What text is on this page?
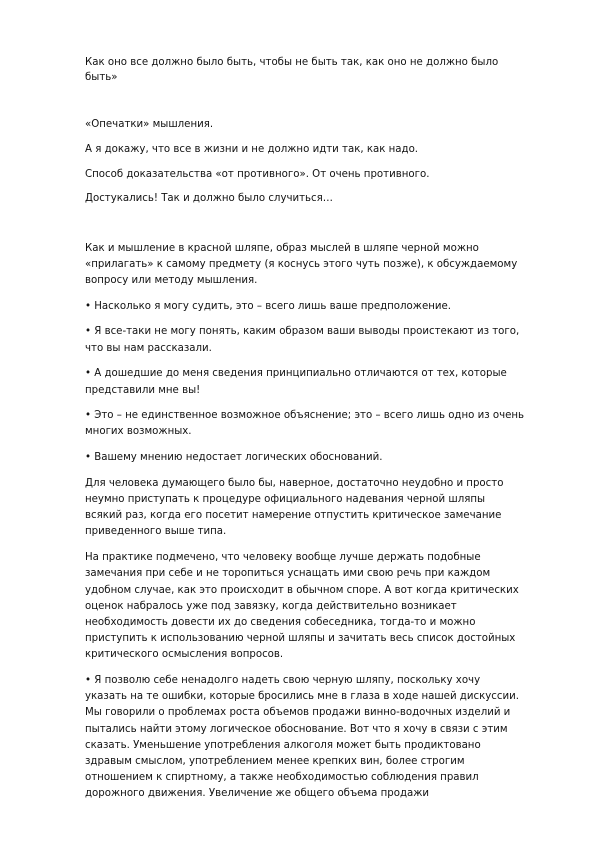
Как оно все должно было быть, чтобы не быть так, как оно не должно было быть»

«Опечатки» мышления.

А я докажу, что все в жизни и не должно идти так, как надо.

Способ доказательства «от противного». От очень противного.

Достукались! Так и должно было случиться…

Как и мышление в красной шляпе, образ мыслей в шляпе черной можно «прилагать» к самому предмету (я коснусь этого чуть позже), к обсуждаемому вопросу или методу мышления.

• Насколько я могу судить, это – всего лишь ваше предположение.

• Я все-таки не могу понять, каким образом ваши выводы проистекают из того, что вы нам рассказали.

• А дошедшие до меня сведения принципиально отличаются от тех, которые представили мне вы!

• Это – не единственное возможное объяснение; это – всего лишь одно из очень многих возможных.

• Вашему мнению недостает логических обоснований.

Для человека думающего было бы, наверное, достаточно неудобно и просто неумно приступать к процедуре официального надевания черной шляпы всякий раз, когда его посетит намерение отпустить критическое замечание приведенного выше типа.

На практике подмечено, что человеку вообще лучше держать подобные замечания при себе и не торопиться уснащать ими свою речь при каждом удобном случае, как это происходит в обычном споре. А вот когда критических оценок набралось уже под завязку, когда действительно возникает необходимость довести их до сведения собеседника, тогда-то и можно приступить к использованию черной шляпы и зачитать весь список достойных критического осмысления вопросов.

• Я позволю себе ненадолго надеть свою черную шляпу, поскольку хочу указать на те ошибки, которые бросились мне в глаза в ходе нашей дискуссии. Мы говорили о проблемах роста объемов продажи винно-водочных изделий и пытались найти этому логическое обоснование. Вот что я хочу в связи с этим сказать. Уменьшение употребления алкоголя может быть продиктовано здравым смыслом, употреблением менее крепких вин, более строгим отношением к спиртному, а также необходимостью соблюдения правил дорожного движения. Увеличение же общего объема продажи
